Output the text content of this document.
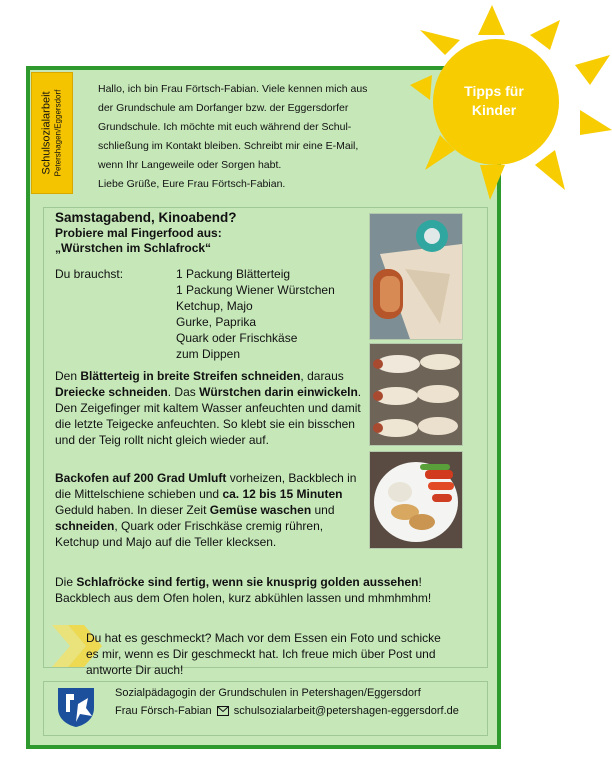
Schulsozialarbeit Petershagen/Eggersdorf
Hallo, ich bin Frau Förtsch-Fabian. Viele kennen mich aus
der Grundschule am Dorfanger bzw. der Eggersdorfer
Grundschule. Ich möchte mit euch während der Schul-
schließung im Kontakt bleiben. Schreibt mir eine E-Mail,
wenn Ihr Langeweile oder Sorgen habt.
Liebe Grüße, Eure Frau Förtsch-Fabian.
Tipps für
Kinder
Samstagabend, Kinoabend?
Probiere mal Fingerfood aus:
„Würstchen im Schlafrock“
Du brauchst:	1 Packung Blätterteig
1 Packung Wiener Würstchen
Ketchup, Majo
Gurke, Paprika
Quark oder Frischkäse
zum Dippen
Den Blätterteig in breite Streifen schneiden, daraus Dreiecke schneiden. Das Würstchen darin einwickeln. Den Zeigefinger mit kaltem Wasser anfeuchten und damit die letzte Teigecke anfeuchten. So klebt sie ein bisschen und der Teig rollt nicht gleich wieder auf.
Backofen auf 200 Grad Umluft vorheizen, Backblech in die Mittelschiene schieben und ca. 12 bis 15 Minuten Geduld haben. In dieser Zeit Gemüse waschen und schneiden, Quark oder Frischkäse cremig rühren, Ketchup und Majo auf die Teller klecksen.
Die Schlafröcke sind fertig, wenn sie knusprig golden aussehen! Backblech aus dem Ofen holen, kurz abkühlen lassen und mhmhmhm!
Du hat es geschmeckt? Mach vor dem Essen ein Foto und schicke es mir, wenn es Dir geschmeckt hat. Ich freue mich über Post und antworte Dir auch!
Sozialpädagogin der Grundschulen in Petershagen/Eggersdorf
Frau Försch-Fabian schulsozialarbeit@petershagen-eggersdorf.de
